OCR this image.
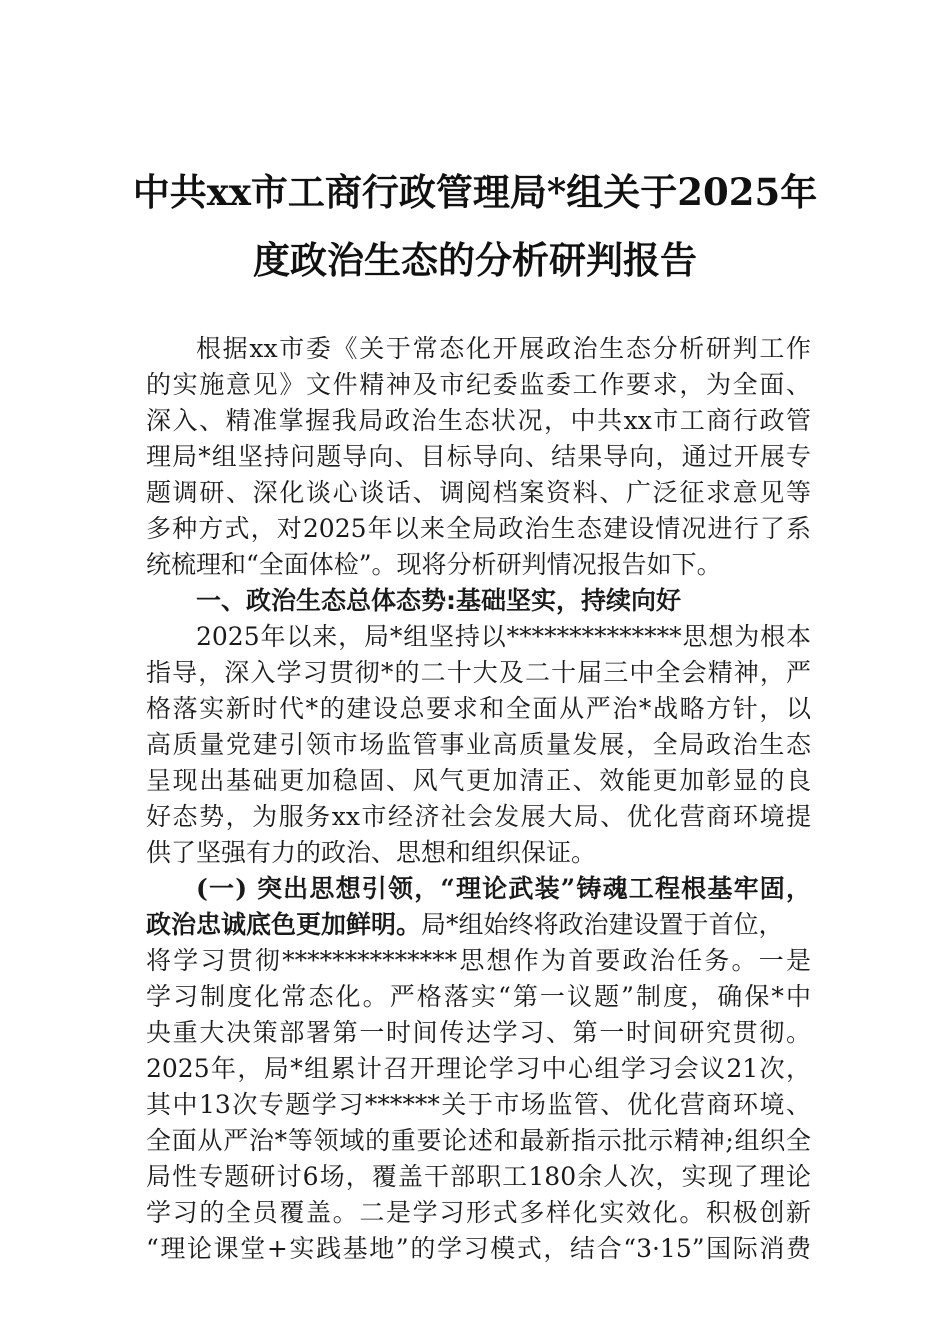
中共xx市工商行政管理局*组关于2025年
度政治生态的分析研判报告
根据xx市委《关于常态化开展政治生态分析研判工作
的实施意见》文件精神及市纪委监委工作要求，为全面、
深入、精准掌握我局政治生态状况，中共xx市工商行政管
理局*组坚持问题导向、目标导向、结果导向，通过开展专
题调研、深化谈心谈话、调阅档案资料、广泛征求意见等
多种方式，对2025年以来全局政治生态建设情况进行了系
统梳理和“全面体检”。现将分析研判情况报告如下。
一、政治生态总体态势:基础坚实，持续向好
2025年以来，局*组坚持以**************思想为根本
指导，深入学习贯彻*的二十大及二十届三中全会精神，严
格落实新时代*的建设总要求和全面从严治*战略方针，以
高质量党建引领市场监管事业高质量发展，全局政治生态
呈现出基础更加稳固、风气更加清正、效能更加彰显的良
好态势，为服务xx市经济社会发展大局、优化营商环境提
供了坚强有力的政治、思想和组织保证。
(一) 突出思想引领，“理论武装”铸魂工程根基牢固，
政治忠诚底色更加鲜明。局*组始终将政治建设置于首位，
将学习贯彻**************思想作为首要政治任务。一是
学习制度化常态化。严格落实“第一议题”制度，确保*中
央重大决策部署第一时间传达学习、第一时间研究贯彻。
2025年，局*组累计召开理论学习中心组学习会议21次，
其中13次专题学习******关于市场监管、优化营商环境、
全面从严治*等领域的重要论述和最新指示批示精神;组织全
局性专题研讨6场，覆盖干部职工180余人次，实现了理论
学习的全员覆盖。二是学习形式多样化实效化。积极创新
“理论课堂+实践基地”的学习模式，结合“3·15”国际消费
